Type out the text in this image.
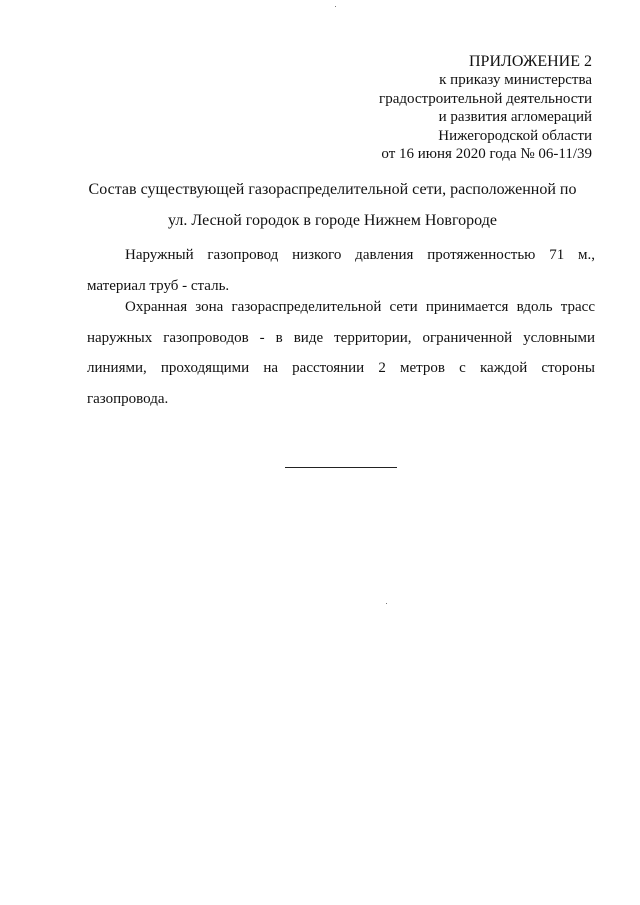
ПРИЛОЖЕНИЕ 2
к приказу министерства
градостроительной деятельности
и развития агломераций
Нижегородской области
от 16 июня 2020 года № 06-11/39
Состав существующей газораспределительной сети, расположенной по
ул. Лесной городок в городе Нижнем Новгороде

Наружный газопровод низкого давления протяженностью 71 м., материал труб - сталь.

Охранная зона газораспределительной сети принимается вдоль трасс наружных газопроводов - в виде территории, ограниченной условными линиями, проходящими на расстоянии 2 метров с каждой стороны газопровода.
